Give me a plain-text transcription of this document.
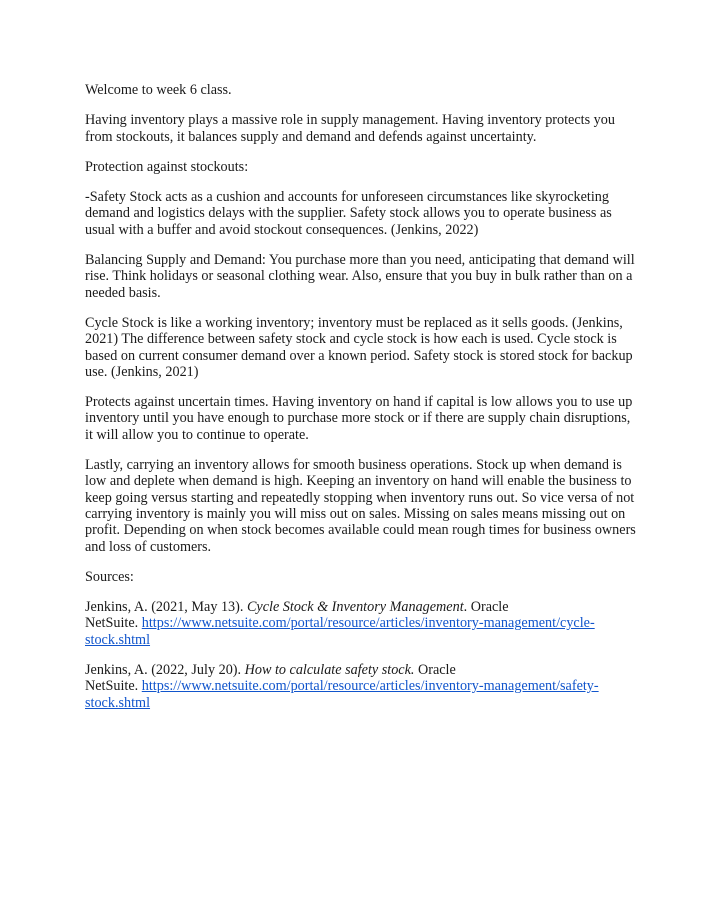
Welcome to week 6 class.

Having inventory plays a massive role in supply management. Having inventory protects you from stockouts, it balances supply and demand and defends against uncertainty.

Protection against stockouts:

-Safety Stock acts as a cushion and accounts for unforeseen circumstances like skyrocketing demand and logistics delays with the supplier. Safety stock allows you to operate business as usual with a buffer and avoid stockout consequences. (Jenkins, 2022)

Balancing Supply and Demand: You purchase more than you need, anticipating that demand will rise. Think holidays or seasonal clothing wear. Also, ensure that you buy in bulk rather than on a needed basis.

Cycle Stock is like a working inventory; inventory must be replaced as it sells goods. (Jenkins, 2021) The difference between safety stock and cycle stock is how each is used. Cycle stock is based on current consumer demand over a known period. Safety stock is stored stock for backup use. (Jenkins, 2021)

Protects against uncertain times. Having inventory on hand if capital is low allows you to use up inventory until you have enough to purchase more stock or if there are supply chain disruptions, it will allow you to continue to operate.

Lastly, carrying an inventory allows for smooth business operations. Stock up when demand is low and deplete when demand is high. Keeping an inventory on hand will enable the business to keep going versus starting and repeatedly stopping when inventory runs out. So vice versa of not carrying inventory is mainly you will miss out on sales. Missing on sales means missing out on profit. Depending on when stock becomes available could mean rough times for business owners and loss of customers.

Sources:

Jenkins, A. (2021, May 13). Cycle Stock & Inventory Management. Oracle
NetSuite. https://www.netsuite.com/portal/resource/articles/inventory-management/cycle-
stock.shtml
Jenkins, A. (2022, July 20). How to calculate safety stock. Oracle
NetSuite. https://www.netsuite.com/portal/resource/articles/inventory-management/safety-
stock.shtml
